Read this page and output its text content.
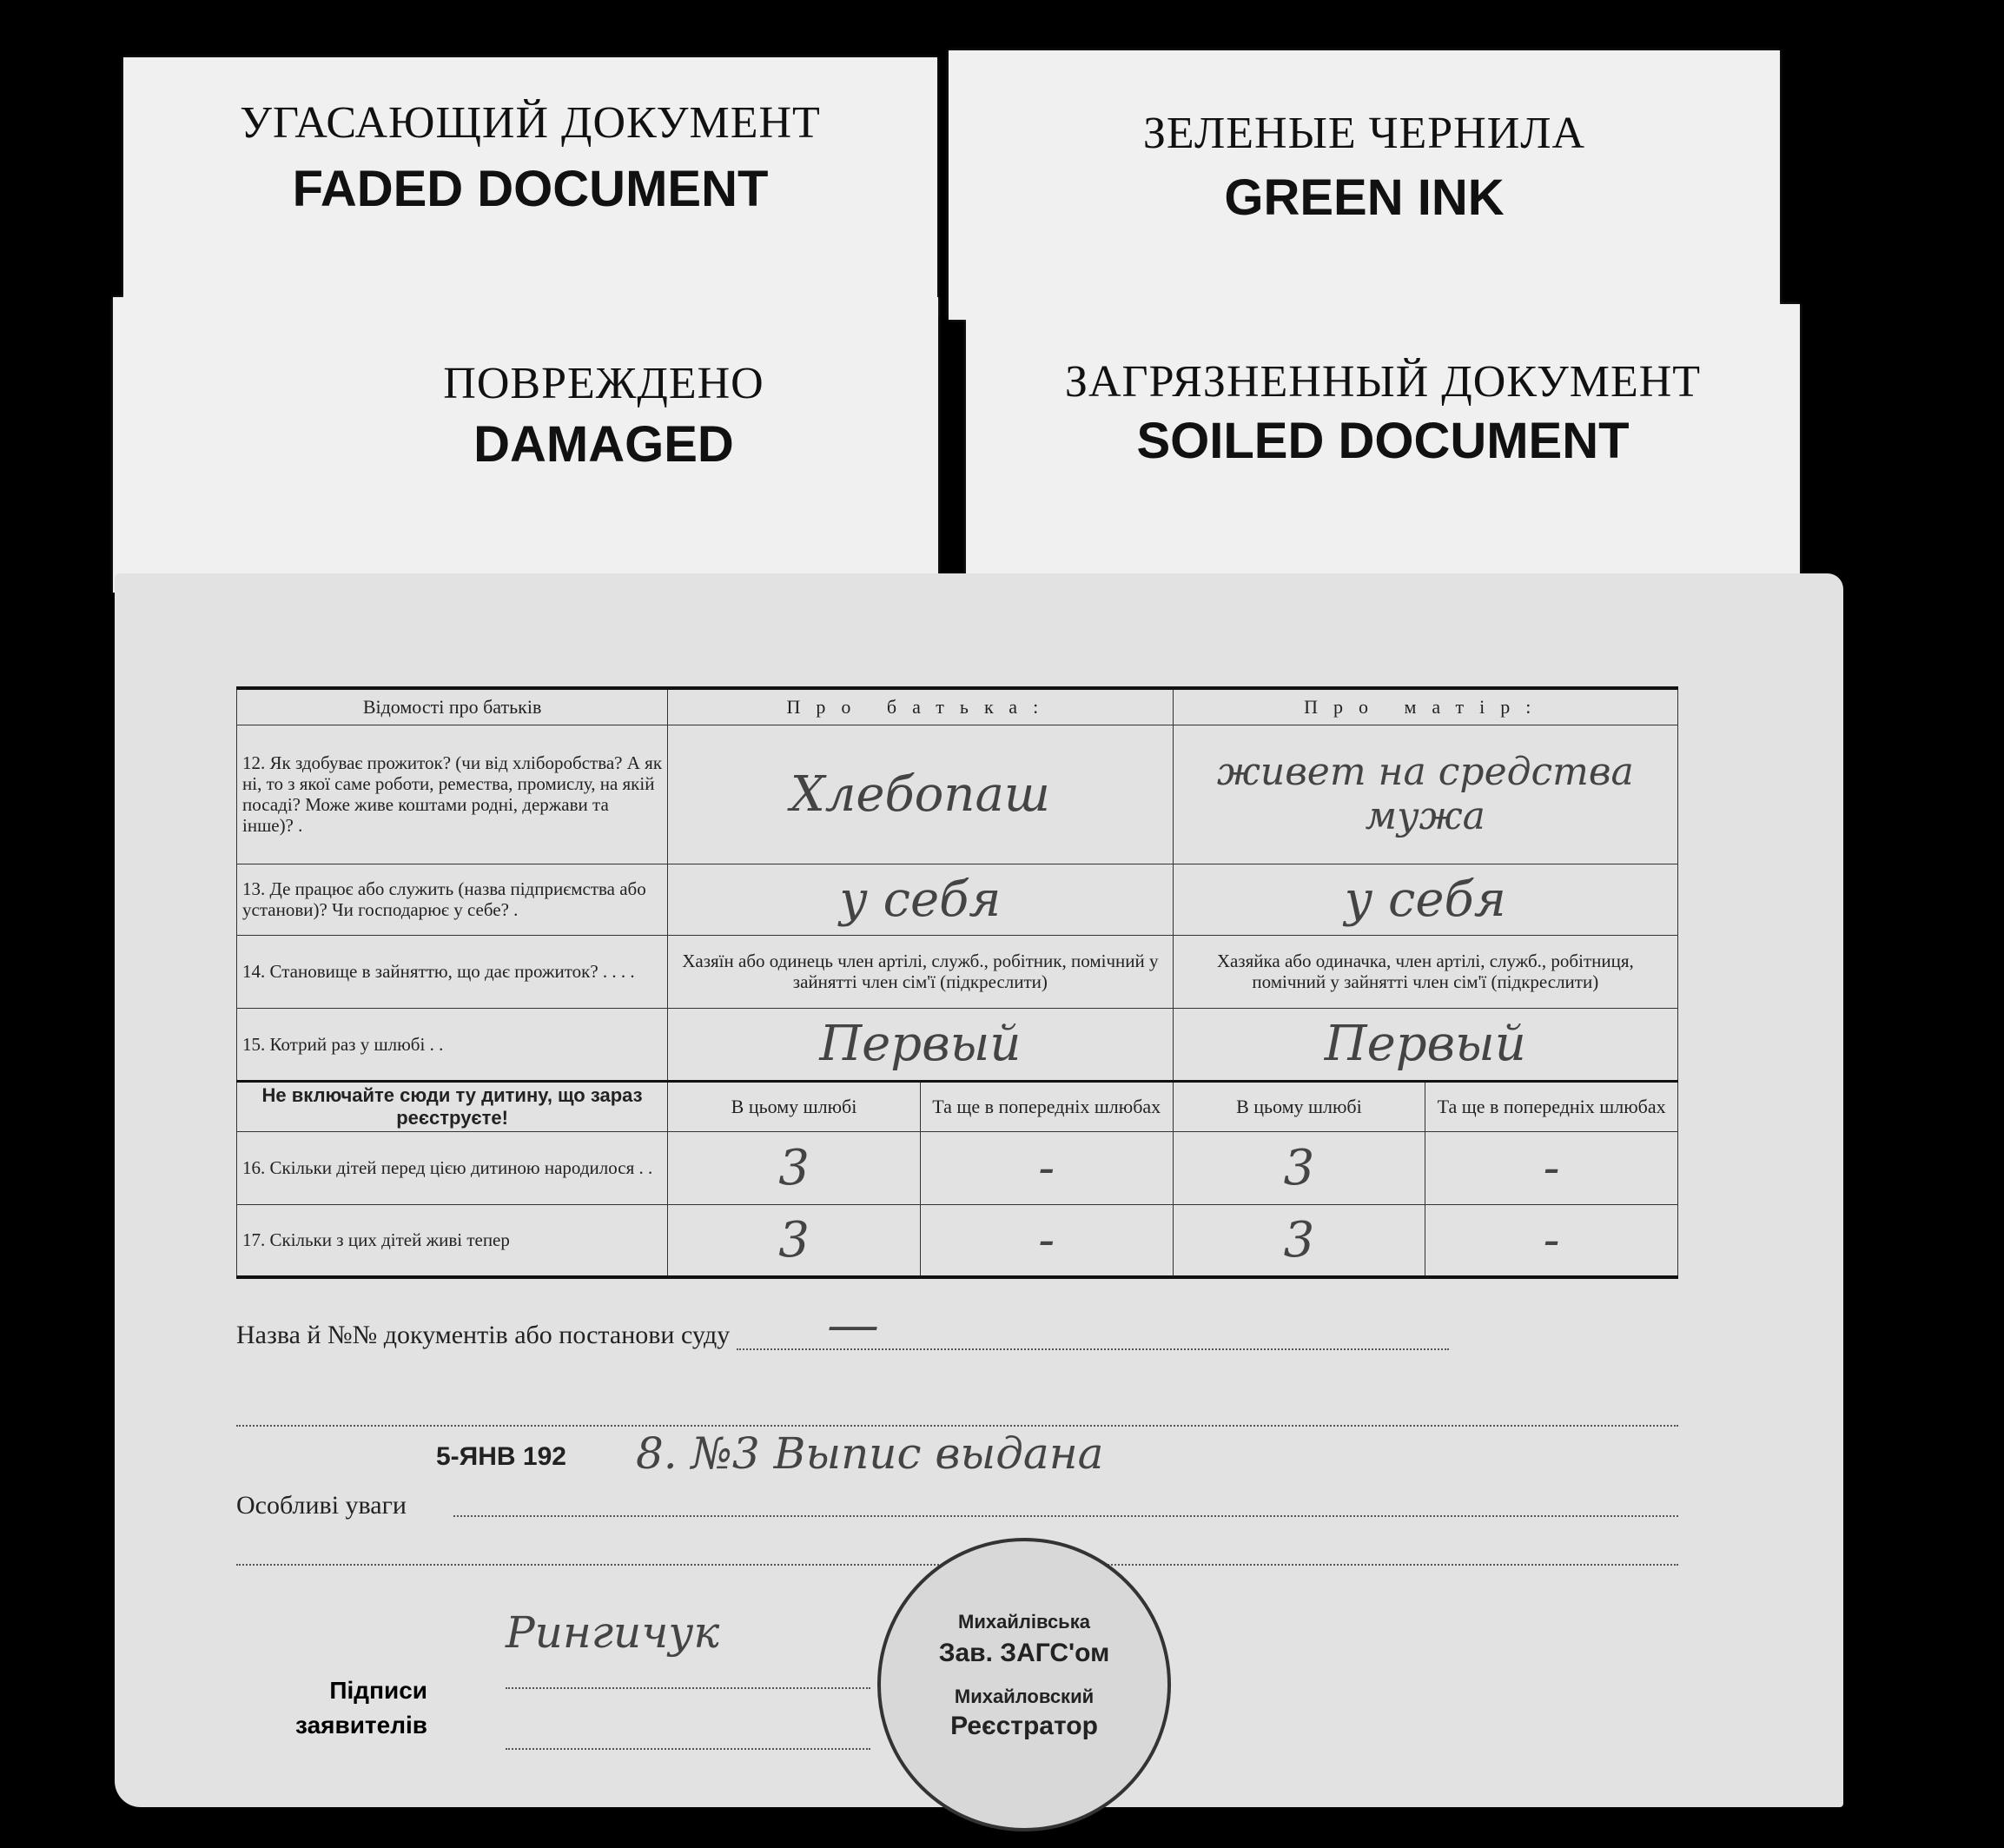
УГАСАЮЩИЙ ДОКУМЕНТ
FADED DOCUMENT
ЗЕЛЕНЫЕ ЧЕРНИЛА
GREEN INK
ПОВРЕЖДЕНО
DAMAGED
ЗАГРЯЗНЕННЫЙ ДОКУМЕНТ
SOILED DOCUMENT
Відомості про батьків	Про батька:		Про матір:	
12. Як здобуває прожиток? (чи від хліборобства? А як ні, то з якої саме роботи, ремества, промислу, на якій посаді? Може живе коштами родні, держави та інше)? .	Хлебопаш		живет на средства мужа	
13. Де працює або служить (назва підприємства або установи)? Чи господарює у себе? .	у себя		у себя	
14. Становище в зайняттю, що дає прожиток? . . . .	Хазяїн або одинець член артілі, служб., робітник, помічний у зайнятті член сім'ї (підкреслити)		Хазяйка або одиначка, член артілі, служб., робітниця, помічний у зайнятті член сім'ї (підкреслити)	
15. Котрий раз у шлюбі . .	Первый		Первый	
Не включайте сюди ту дитину, що зараз реєструєте!	В цьому шлюбі	Та ще в попередніх шлюбах	В цьому шлюбі	Та ще в попередніх шлюбах
16. Скільки дітей перед цією дитиною народилося . .	3	-	3	-
17. Скільки з цих дітей живі тепер	3	-	3	-
Назва й №№ документів або постанови суду —
5-ЯНВ 192 8. №3 Выпис выдана
Особливі уваги
Підписи
заявителів
Рингичук	Михайлівська
Зав. ЗАГС'ом
Михайловский
Реєстратор
